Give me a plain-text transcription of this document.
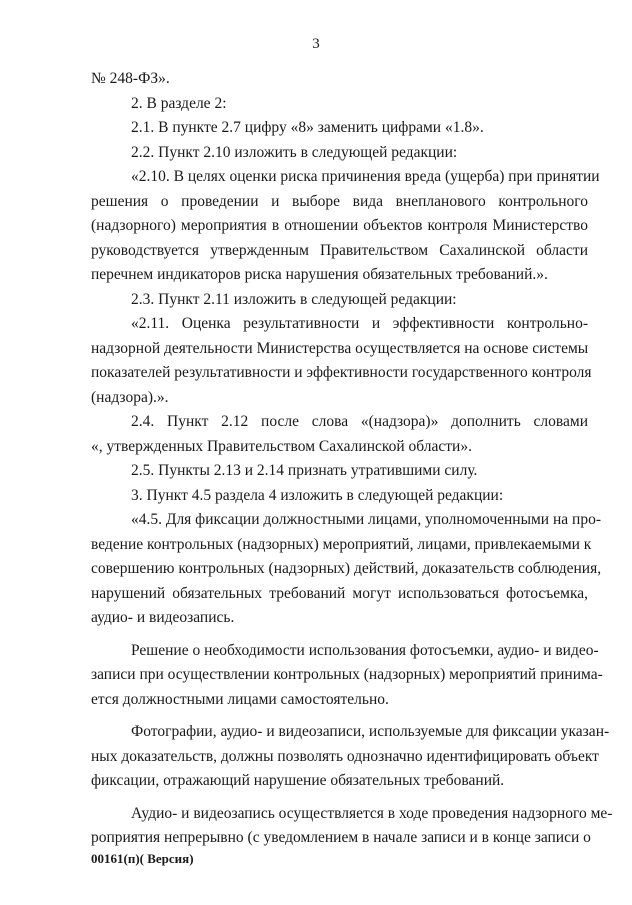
3
№ 248-ФЗ».
2. В разделе 2:
2.1. В пункте 2.7 цифру «8» заменить цифрами «1.8».
2.2. Пункт 2.10 изложить в следующей редакции:
«2.10. В целях оценки риска причинения вреда (ущерба) при принятии
решения о проведении и выборе вида внепланового контрольного
(надзорного) мероприятия в отношении объектов контроля Министерство
руководствуется утвержденным Правительством Сахалинской области
перечнем индикаторов риска нарушения обязательных требований.».
2.3. Пункт 2.11 изложить в следующей редакции:
«2.11. Оценка результативности и эффективности контрольно-
надзорной деятельности Министерства осуществляется на основе системы
показателей результативности и эффективности государственного контроля
(надзора).».
2.4. Пункт 2.12 после слова «(надзора)» дополнить словами
«, утвержденных Правительством Сахалинской области».
2.5. Пункты 2.13 и 2.14 признать утратившими силу.
3. Пункт 4.5 раздела 4 изложить в следующей редакции:
«4.5. Для фиксации должностными лицами, уполномоченными на про-
ведение контрольных (надзорных) мероприятий, лицами, привлекаемыми к
совершению контрольных (надзорных) действий, доказательств соблюдения,
нарушений обязательных требований могут использоваться фотосъемка,
аудио- и видеозапись.
Решение о необходимости использования фотосъемки, аудио- и видео-
записи при осуществлении контрольных (надзорных) мероприятий принима-
ется должностными лицами самостоятельно.
Фотографии, аудио- и видеозаписи, используемые для фиксации указан-
ных доказательств, должны позволять однозначно идентифицировать объект
фиксации, отражающий нарушение обязательных требований.
Аудио- и видеозапись осуществляется в ходе проведения надзорного ме-
роприятия непрерывно (с уведомлением в начале записи и в конце записи о
00161(п)( Версия)
